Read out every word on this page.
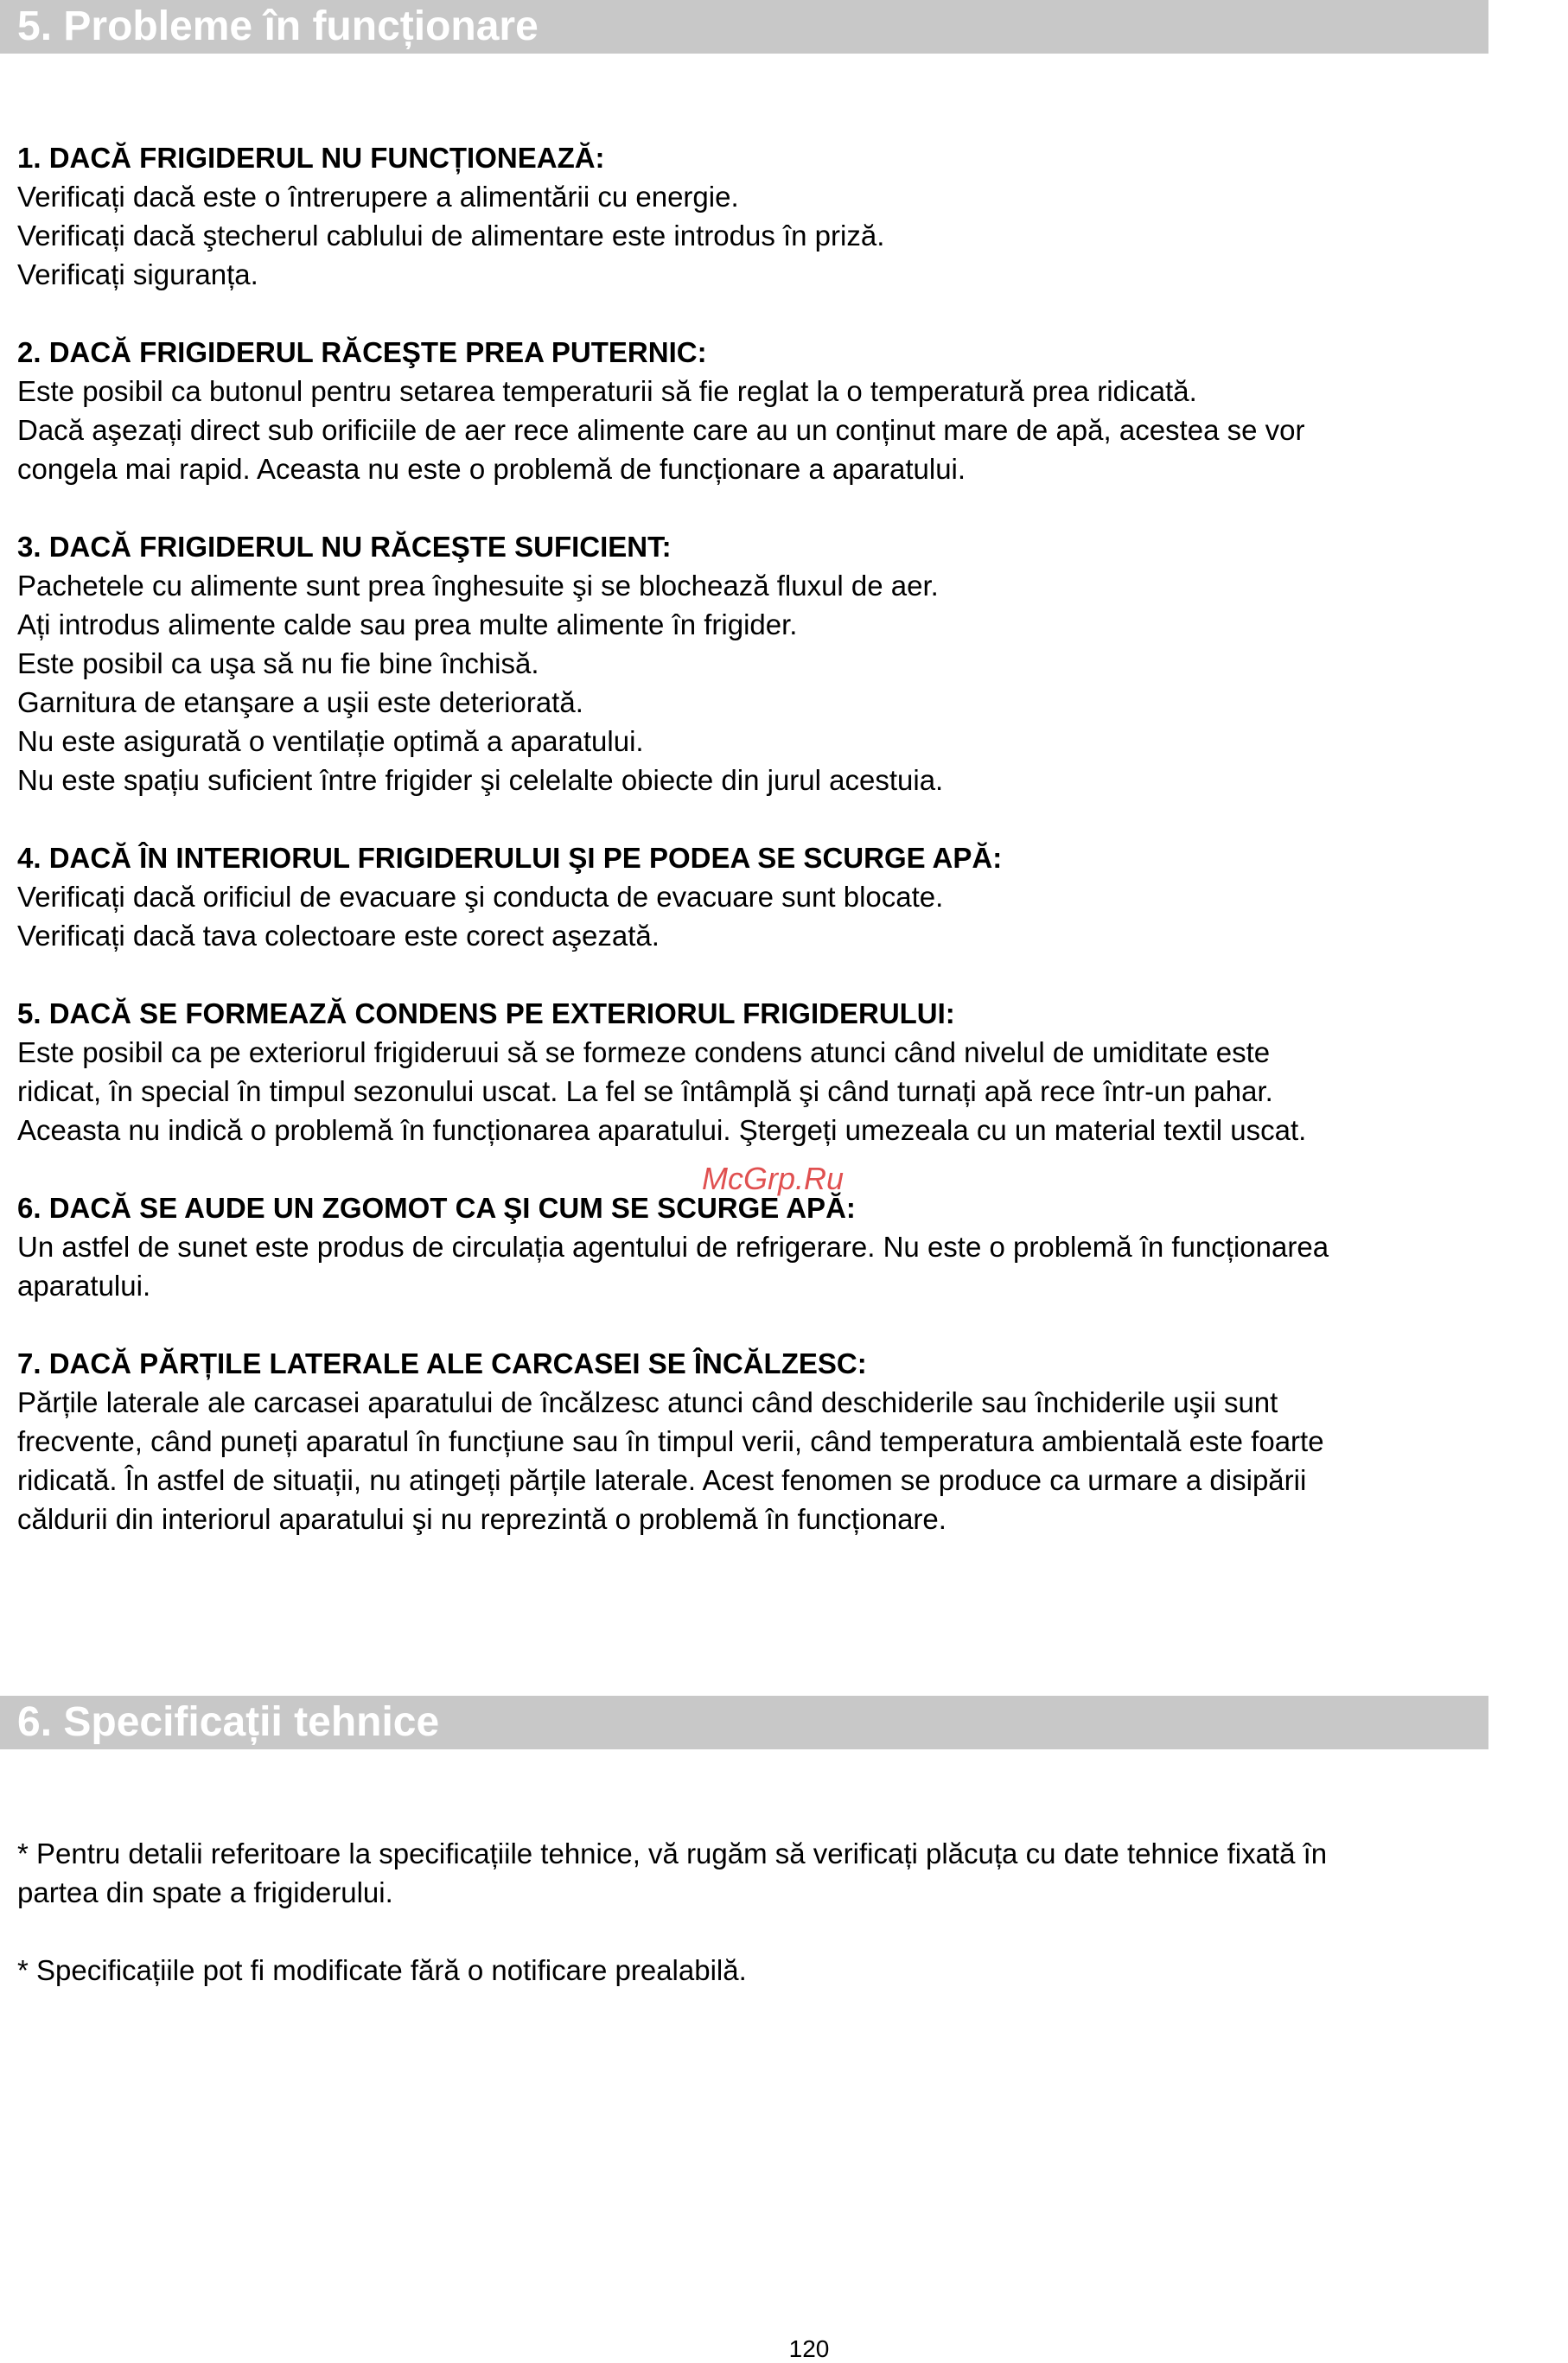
5. Probleme în funcționare
1. DACĂ FRIGIDERUL NU FUNCȚIONEAZĂ:
Verificați dacă este o întrerupere a alimentării cu energie.
Verificați dacă ştecherul cablului de alimentare este introdus în priză.
Verificați siguranța.
2. DACĂ FRIGIDERUL RĂCEŞTE PREA PUTERNIC:
Este posibil ca butonul pentru setarea temperaturii să fie reglat la o temperatură prea ridicată.
Dacă aşezați direct sub orificiile de aer rece alimente care au un conținut mare de apă, acestea se vor
congela mai rapid. Aceasta nu este o problemă de funcționare a aparatului.
3. DACĂ FRIGIDERUL NU RĂCEŞTE SUFICIENT:
Pachetele cu alimente sunt prea înghesuite şi se blochează fluxul de aer.
Ați introdus alimente calde sau prea multe alimente în frigider.
Este posibil ca uşa să nu fie bine închisă.
Garnitura de etanşare a uşii este deteriorată.
Nu este asigurată o ventilație optimă a aparatului.
Nu este spațiu suficient între frigider şi celelalte obiecte din jurul acestuia.
4. DACĂ ÎN INTERIORUL FRIGIDERULUI ŞI PE PODEA SE SCURGE APĂ:
Verificați dacă orificiul de evacuare şi conducta de evacuare sunt blocate.
Verificați dacă tava colectoare este corect aşezată.
5. DACĂ SE FORMEAZĂ CONDENS PE EXTERIORUL FRIGIDERULUI:
Este posibil ca pe exteriorul frigideruui să se formeze condens atunci când nivelul de umiditate este
ridicat, în special în timpul sezonului uscat. La fel se întâmplă şi când turnați apă rece într-un pahar.
Aceasta nu indică o problemă în funcționarea aparatului. Ştergeți umezeala cu un material textil uscat.
6. DACĂ SE AUDE UN ZGOMOT CA ŞI CUM SE SCURGE APĂ:
Un astfel de sunet este produs de circulația agentului de refrigerare. Nu este o problemă în funcționarea
aparatului.
7. DACĂ PĂRȚILE LATERALE ALE CARCASEI SE ÎNCĂLZESC:
Părțile laterale ale carcasei aparatului de încălzesc atunci când deschiderile sau închiderile uşii sunt
frecvente, când puneți aparatul în funcțiune sau în timpul verii, când temperatura ambientală este foarte
ridicată. În astfel de situații, nu atingeți părțile laterale. Acest fenomen se produce ca urmare a disipării
căldurii din interiorul aparatului şi nu reprezintă o problemă în funcționare.
McGrp.Ru
6. Specificații tehnice
* Pentru detalii referitoare la specificațiile tehnice, vă rugăm să verificați plăcuța cu date tehnice fixată în
partea din spate a frigiderului.
* Specificațiile pot fi modificate fără o notificare prealabilă.
120
